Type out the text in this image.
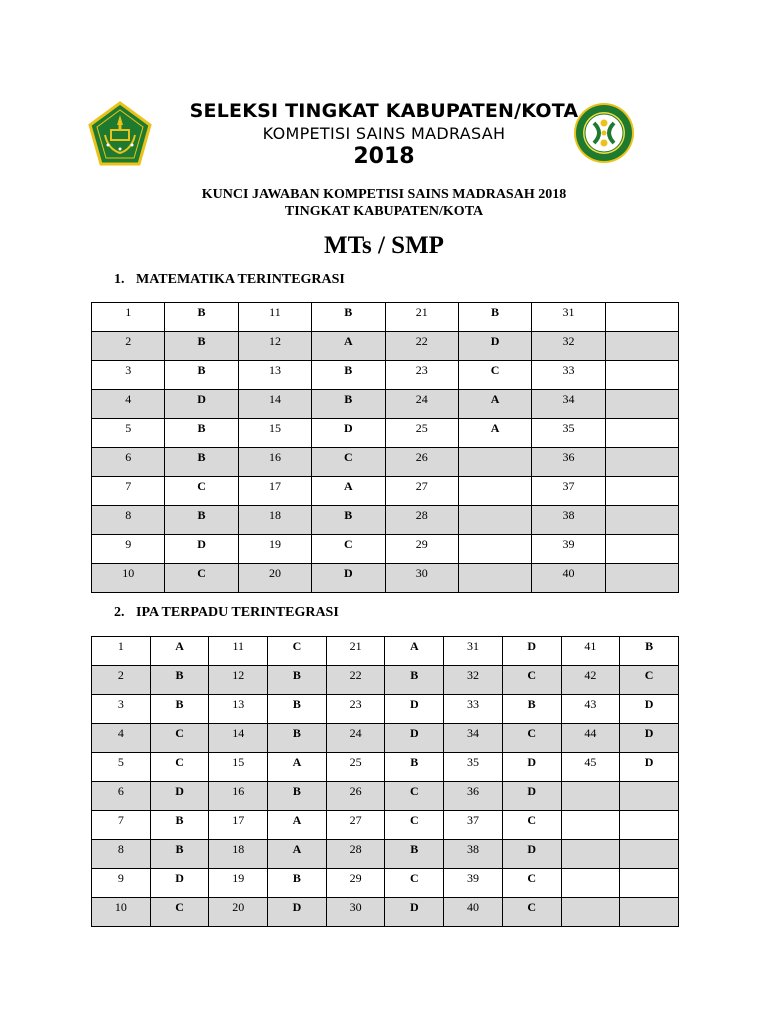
SELEKSI TINGKAT KABUPATEN/KOTA
KOMPETISI SAINS MADRASAH
2018
KUNCI JAWABAN KOMPETISI SAINS MADRASAH 2018
TINGKAT KABUPATEN/KOTA
MTs / SMP
1. MATEMATIKA TERINTEGRASI
1	B	11	B	21	B	31	
2	B	12	A	22	D	32	
3	B	13	B	23	C	33	
4	D	14	B	24	A	34	
5	B	15	D	25	A	35	
6	B	16	C	26		36	
7	C	17	A	27		37	
8	B	18	B	28		38	
9	D	19	C	29		39	
10	C	20	D	30		40	
2. IPA TERPADU TERINTEGRASI
1	A	11	C	21	A	31	D	41	B
2	B	12	B	22	B	32	C	42	C
3	B	13	B	23	D	33	B	43	D
4	C	14	B	24	D	34	C	44	D
5	C	15	A	25	B	35	D	45	D
6	D	16	B	26	C	36	D		
7	B	17	A	27	C	37	C		
8	B	18	A	28	B	38	D		
9	D	19	B	29	C	39	C		
10	C	20	D	30	D	40	C		
